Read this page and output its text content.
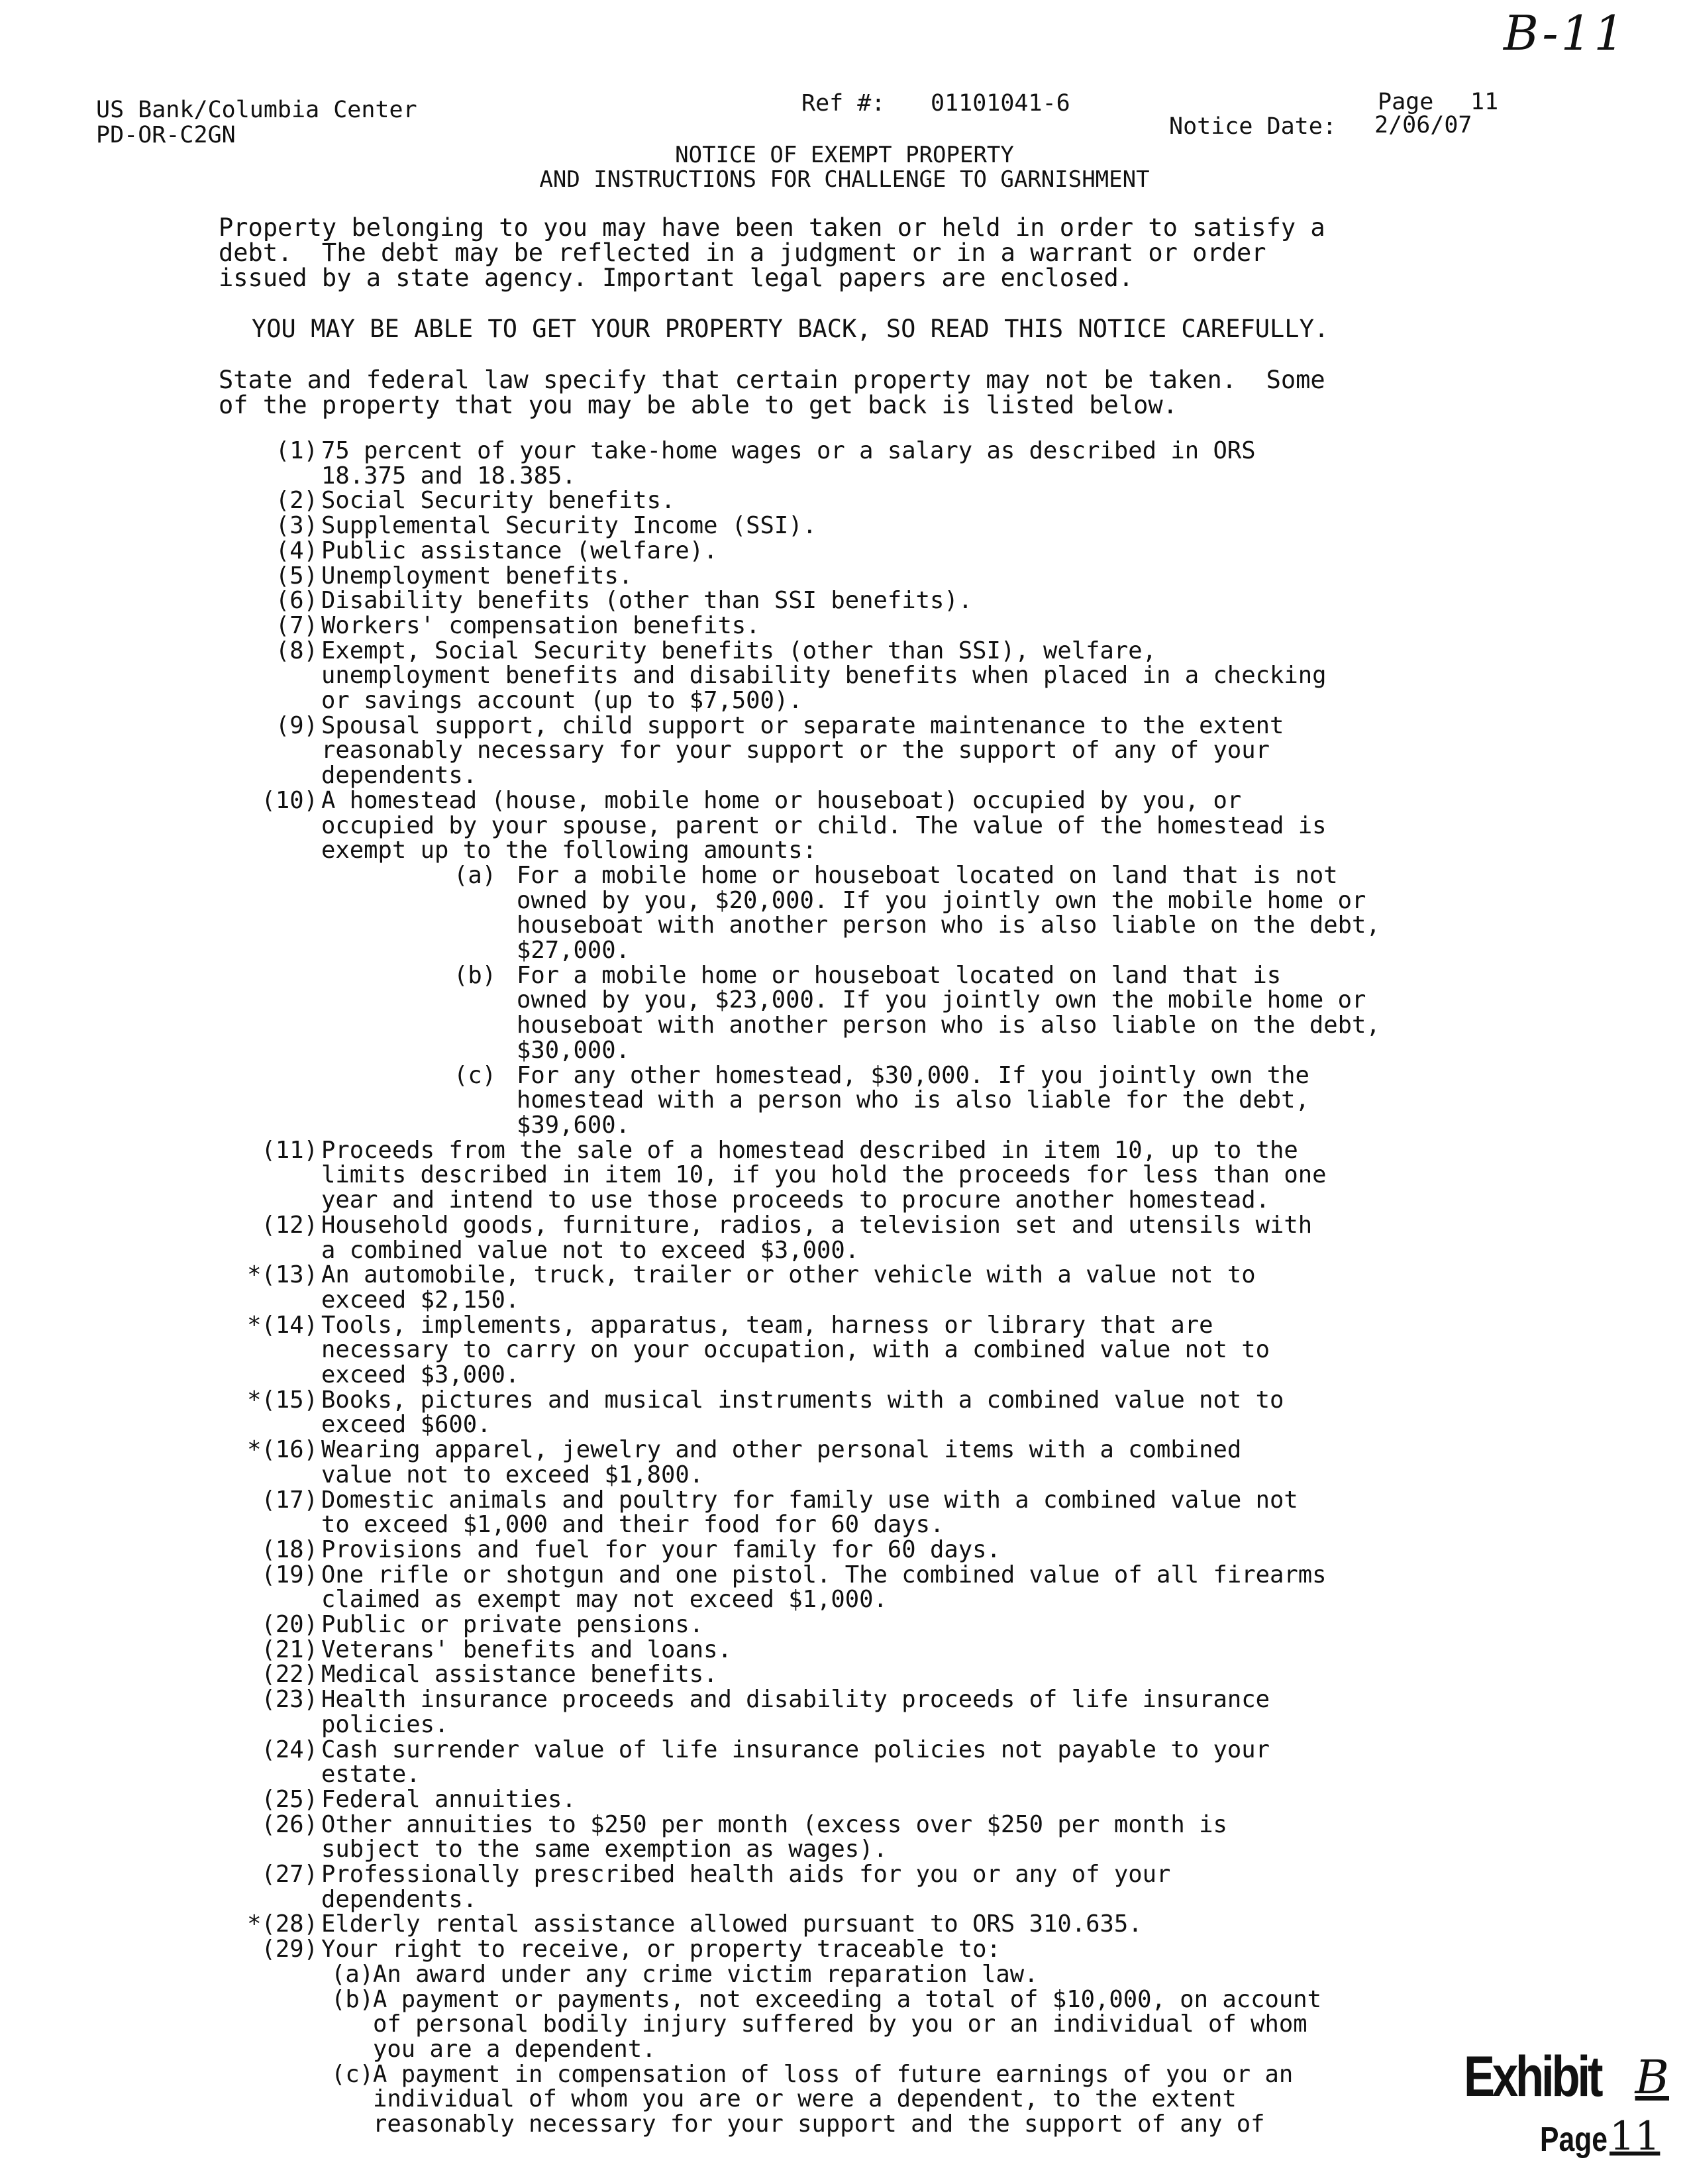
B-11
US Bank/Columbia Center
PD-OR-C2GN
Ref #: 01101041-6	Page 11
Notice Date: 2/06/07
NOTICE OF EXEMPT PROPERTY
AND INSTRUCTIONS FOR CHALLENGE TO GARNISHMENT
Property belonging to you may have been taken or held in order to satisfy a
debt.  The debt may be reflected in a judgment or in a warrant or order
issued by a state agency. Important legal papers are enclosed.
YOU MAY BE ABLE TO GET YOUR PROPERTY BACK, SO READ THIS NOTICE CAREFULLY.
State and federal law specify that certain property may not be taken.  Some
of the property that you may be able to get back is listed below.
(1) 75 percent of your take-home wages or a salary as described in ORS
18.375 and 18.385.
(2) Social Security benefits.
(3) Supplemental Security Income (SSI).
(4) Public assistance (welfare).
(5) Unemployment benefits.
(6) Disability benefits (other than SSI benefits).
(7) Workers' compensation benefits.
(8) Exempt, Social Security benefits (other than SSI), welfare,
unemployment benefits and disability benefits when placed in a checking
or savings account (up to $7,500).
(9) Spousal support, child support or separate maintenance to the extent
reasonably necessary for your support or the support of any of your
dependents.
(10) A homestead (house, mobile home or houseboat) occupied by you, or
occupied by your spouse, parent or child. The value of the homestead is
exempt up to the following amounts:
(a) For a mobile home or houseboat located on land that is not
owned by you, $20,000. If you jointly own the mobile home or
houseboat with another person who is also liable on the debt,
$27,000.
(b) For a mobile home or houseboat located on land that is
owned by you, $23,000. If you jointly own the mobile home or
houseboat with another person who is also liable on the debt,
$30,000.
(c) For any other homestead, $30,000. If you jointly own the
homestead with a person who is also liable for the debt,
$39,600.
(11) Proceeds from the sale of a homestead described in item 10, up to the
limits described in item 10, if you hold the proceeds for less than one
year and intend to use those proceeds to procure another homestead.
(12) Household goods, furniture, radios, a television set and utensils with
a combined value not to exceed $3,000.
*(13) An automobile, truck, trailer or other vehicle with a value not to
exceed $2,150.
*(14) Tools, implements, apparatus, team, harness or library that are
necessary to carry on your occupation, with a combined value not to
exceed $3,000.
*(15) Books, pictures and musical instruments with a combined value not to
exceed $600.
*(16) Wearing apparel, jewelry and other personal items with a combined
value not to exceed $1,800.
(17) Domestic animals and poultry for family use with a combined value not
to exceed $1,000 and their food for 60 days.
(18) Provisions and fuel for your family for 60 days.
(19) One rifle or shotgun and one pistol. The combined value of all firearms
claimed as exempt may not exceed $1,000.
(20) Public or private pensions.
(21) Veterans' benefits and loans.
(22) Medical assistance benefits.
(23) Health insurance proceeds and disability proceeds of life insurance
policies.
(24) Cash surrender value of life insurance policies not payable to your
estate.
(25) Federal annuities.
(26) Other annuities to $250 per month (excess over $250 per month is
subject to the same exemption as wages).
(27) Professionally prescribed health aids for you or any of your
dependents.
*(28) Elderly rental assistance allowed pursuant to ORS 310.635.
(29) Your right to receive, or property traceable to:
(a)
An award under any crime victim reparation law.
(b)
A payment or payments, not exceeding a total of $10,000, on account
of personal bodily injury suffered by you or an individual of whom
you are a dependent.
(c)
A payment in compensation of loss of future earnings of you or an
individual of whom you are or were a dependent, to the extent
reasonably necessary for your support and the support of any of
Exhibit B
Page 11
